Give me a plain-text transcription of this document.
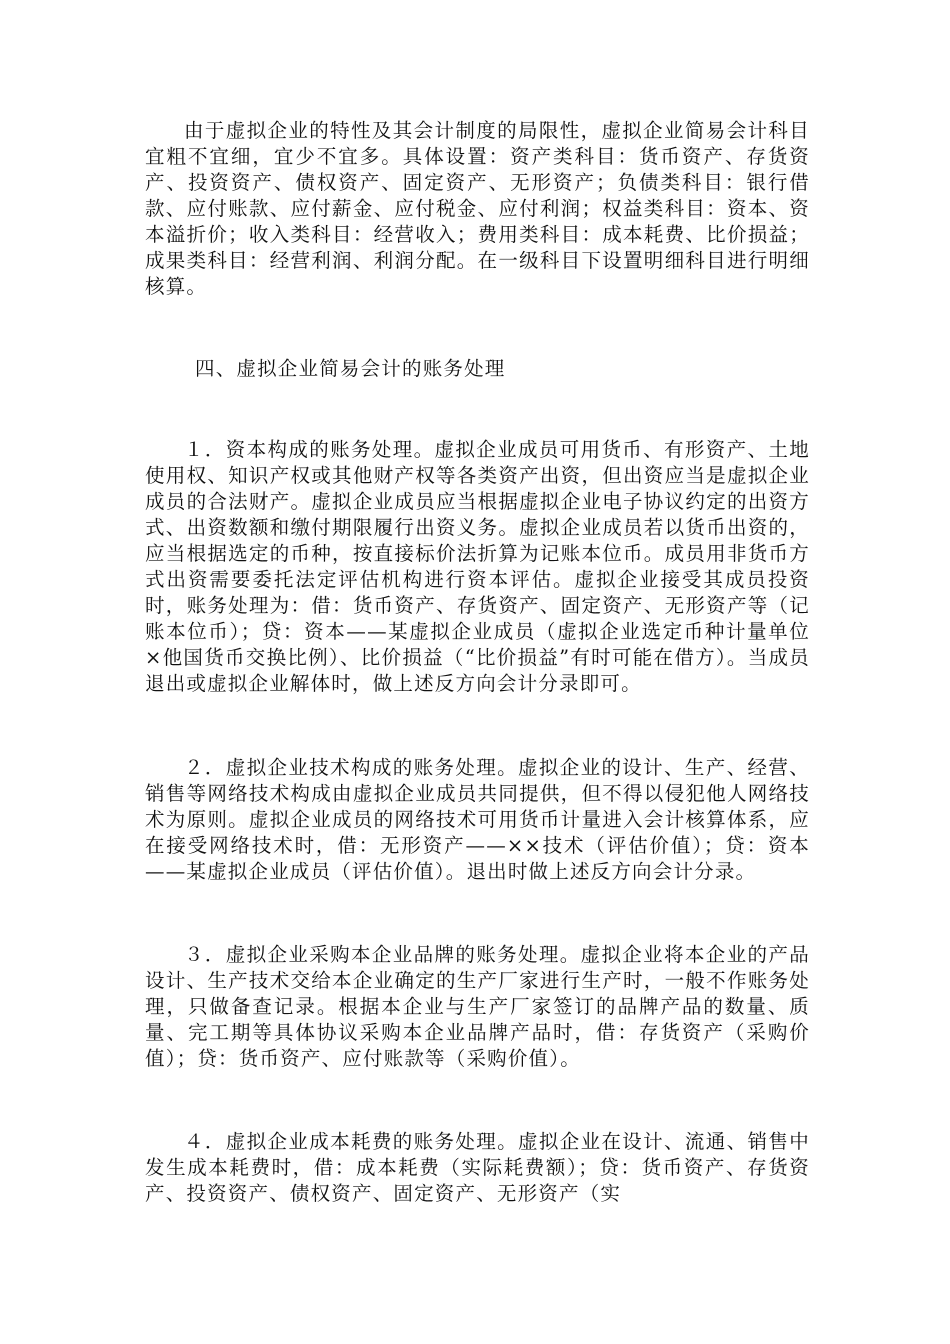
由于虚拟企业的特性及其会计制度的局限性，虚拟企业简易会计科目宜粗不宜细，宜少不宜多。具体设置：资产类科目：货币资产、存货资产、投资资产、债权资产、固定资产、无形资产；负债类科目：银行借款、应付账款、应付薪金、应付税金、应付利润；权益类科目：资本、资本溢折价；收入类科目：经营收入；费用类科目：成本耗费、比价损益；成果类科目：经营利润、利润分配。在一级科目下设置明细科目进行明细核算。

四、虚拟企业简易会计的账务处理

１．资本构成的账务处理。虚拟企业成员可用货币、有形资产、土地使用权、知识产权或其他财产权等各类资产出资，但出资应当是虚拟企业成员的合法财产。虚拟企业成员应当根据虚拟企业电子协议约定的出资方式、出资数额和缴付期限履行出资义务。虚拟企业成员若以货币出资的，应当根据选定的币种，按直接标价法折算为记账本位币。成员用非货币方式出资需要委托法定评估机构进行资本评估。虚拟企业接受其成员投资时，账务处理为：借：货币资产、存货资产、固定资产、无形资产等（记账本位币）；贷：资本——某虚拟企业成员（虚拟企业选定币种计量单位×他国货币交换比例）、比价损益（“比价损益”有时可能在借方）。当成员退出或虚拟企业解体时，做上述反方向会计分录即可。

２．虚拟企业技术构成的账务处理。虚拟企业的设计、生产、经营、销售等网络技术构成由虚拟企业成员共同提供，但不得以侵犯他人网络技术为原则。虚拟企业成员的网络技术可用货币计量进入会计核算体系，应在接受网络技术时，借：无形资产——××技术（评估价值）；贷：资本——某虚拟企业成员（评估价值）。退出时做上述反方向会计分录。

３．虚拟企业采购本企业品牌的账务处理。虚拟企业将本企业的产品设计、生产技术交给本企业确定的生产厂家进行生产时，一般不作账务处理，只做备查记录。根据本企业与生产厂家签订的品牌产品的数量、质量、完工期等具体协议采购本企业品牌产品时，借：存货资产（采购价值）；贷：货币资产、应付账款等（采购价值）。

４．虚拟企业成本耗费的账务处理。虚拟企业在设计、流通、销售中发生成本耗费时，借：成本耗费（实际耗费额）；贷：货币资产、存货资产、投资资产、债权资产、固定资产、无形资产（实
